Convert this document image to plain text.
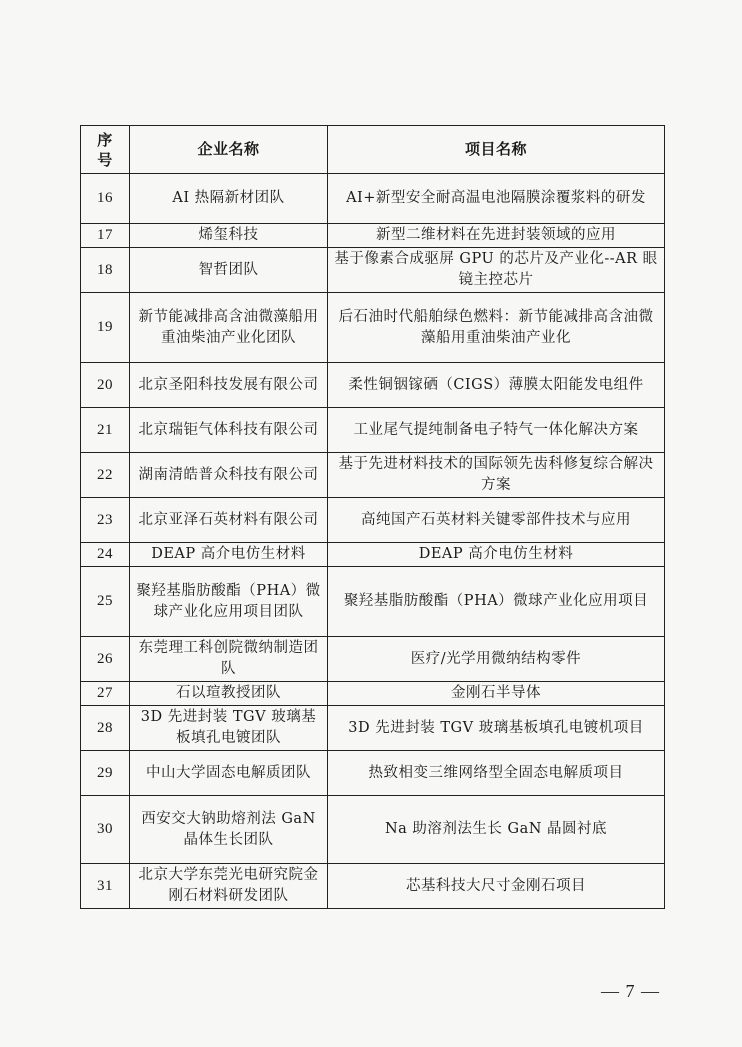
序号	企业名称	项目名称
16	AI 热隔新材团队	AI+新型安全耐高温电池隔膜涂覆浆料的研发
17	烯玺科技	新型二维材料在先进封装领域的应用
18	智哲团队	基于像素合成驱屏 GPU 的芯片及产业化--AR 眼镜主控芯片
19	新节能减排高含油微藻船用重油柴油产业化团队	后石油时代船舶绿色燃料：新节能减排高含油微藻船用重油柴油产业化
20	北京圣阳科技发展有限公司	柔性铜铟镓硒（CIGS）薄膜太阳能发电组件
21	北京瑞钜气体科技有限公司	工业尾气提纯制备电子特气一体化解决方案
22	湖南清皓普众科技有限公司	基于先进材料技术的国际领先齿科修复综合解决方案
23	北京亚泽石英材料有限公司	高纯国产石英材料关键零部件技术与应用
24	DEAP 高介电仿生材料	DEAP 高介电仿生材料
25	聚羟基脂肪酸酯（PHA）微球产业化应用项目团队	聚羟基脂肪酸酯（PHA）微球产业化应用项目
26	东莞理工科创院微纳制造团队	医疗/光学用微纳结构零件
27	石以瑄教授团队	金刚石半导体
28	3D 先进封装 TGV 玻璃基板填孔电镀团队	3D 先进封装 TGV 玻璃基板填孔电镀机项目
29	中山大学固态电解质团队	热致相变三维网络型全固态电解质项目
30	西安交大钠助熔剂法 GaN 晶体生长团队	Na 助溶剂法生长 GaN 晶圆衬底
31	北京大学东莞光电研究院金刚石材料研发团队	芯基科技大尺寸金刚石项目
— 7 —
